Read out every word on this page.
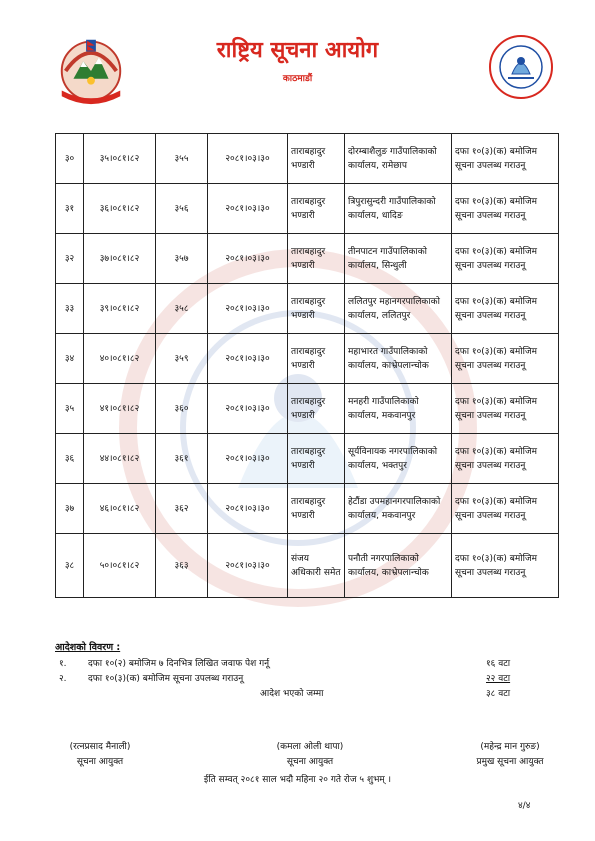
राष्ट्रिय सूचना आयोग
काठमाडौं
३०	३५।०८१।८२	३५५	२०८१।०३।३०	ताराबहादुर भण्डारी	दोरम्बाशैलुङ गाउँपालिकाको कार्यालय, रामेछाप	दफा १०(३)(क) बमोजिम सूचना उपलब्ध गराउनू
३१	३६।०८१।८२	३५६	२०८१।०३।३०	ताराबहादुर भण्डारी	त्रिपुरासुन्दरी गाउँपालिकाको कार्यालय, धादिङ	दफा १०(३)(क) बमोजिम सूचना उपलब्ध गराउनू
३२	३७।०८१।८२	३५७	२०८१।०३।३०	ताराबहादुर भण्डारी	तीनपाटन गाउँपालिकाको कार्यालय, सिन्धुली	दफा १०(३)(क) बमोजिम सूचना उपलब्ध गराउनू
३३	३९।०८१।८२	३५८	२०८१।०३।३०	ताराबहादुर भण्डारी	ललितपुर महानगरपालिकाको कार्यालय, ललितपुर	दफा १०(३)(क) बमोजिम सूचना उपलब्ध गराउनू
३४	४०।०८१।८२	३५९	२०८१।०३।३०	ताराबहादुर भण्डारी	महाभारत गाउँपालिकाको कार्यालय, काभ्रेपलान्चोक	दफा १०(३)(क) बमोजिम सूचना उपलब्ध गराउनू
३५	४१।०८१।८२	३६०	२०८१।०३।३०	ताराबहादुर भण्डारी	मनहरी गाउँपालिकाको कार्यालय, मकवानपुर	दफा १०(३)(क) बमोजिम सूचना उपलब्ध गराउनू
३६	४४।०८१।८२	३६१	२०८१।०३।३०	ताराबहादुर भण्डारी	सूर्यविनायक नगरपालिकाको कार्यालय, भक्तपुर	दफा १०(३)(क) बमोजिम सूचना उपलब्ध गराउनू
३७	४६।०८१।८२	३६२	२०८१।०३।३०	ताराबहादुर भण्डारी	हेटौंडा उपमहानगरपालिकाको कार्यालय, मकवानपुर	दफा १०(३)(क) बमोजिम सूचना उपलब्ध गराउनू
३८	५०।०८१।८२	३६३	२०८१।०३।३०	संजय अधिकारी समेत	पनौती नगरपालिकाको कार्यालय, काभ्रेपलान्चोक	दफा १०(३)(क) बमोजिम सूचना उपलब्ध गराउनू
आदेशको विवरण :
१. दफा १०(२) बमोजिम ७ दिनभित्र लिखित जवाफ पेश गर्नू	१६ वटा
२. दफा १०(३)(क) बमोजिम सूचना उपलब्ध गराउनू	२२ वटा
आदेश भएको जम्मा	३८ वटा
(रत्नप्रसाद मैनाली)
सूचना आयुक्त
(कमला ओली थापा)
सूचना आयुक्त
(महेन्द्र मान गुरुङ)
प्रमुख सूचना आयुक्त
ईति सम्वत् २०८१ साल भदौ महिना २० गते रोज ५ शुभम् ।
४/४
